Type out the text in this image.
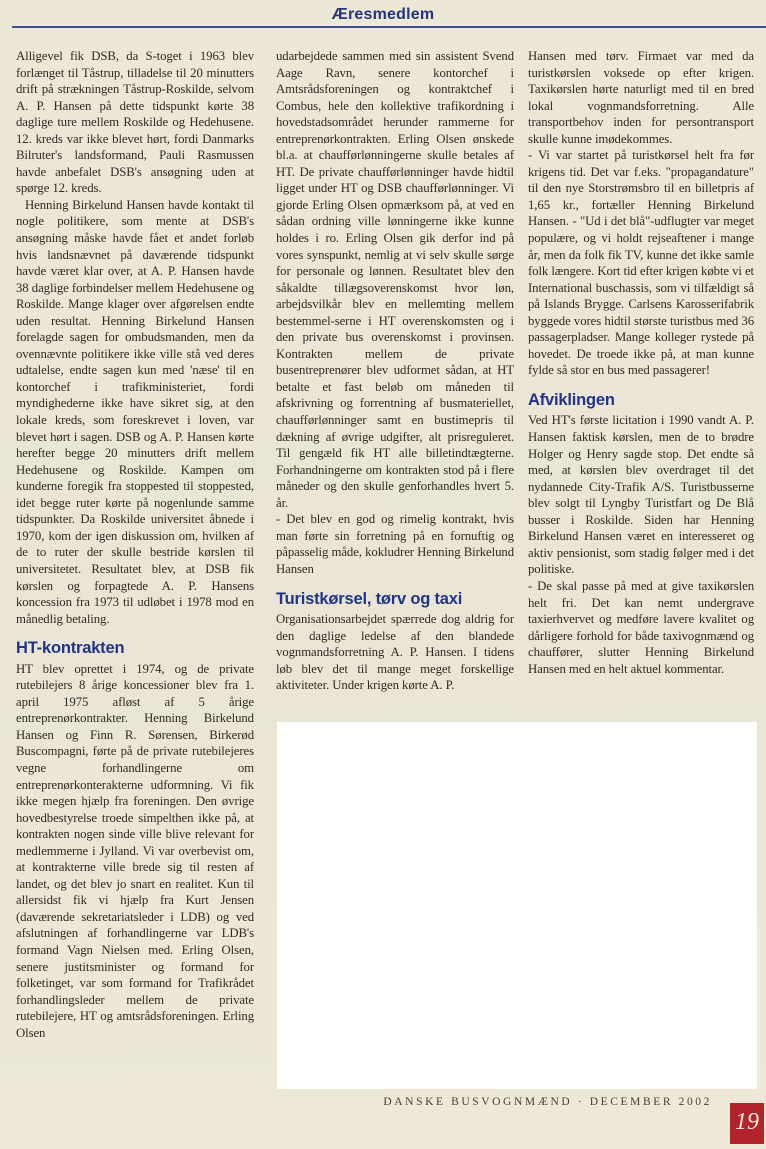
Æresmedlem

Alligevel fik DSB, da S-toget i 1963 blev forlænget til Tåstrup, tilladelse til 20 minutters drift på strækningen Tåstrup-Roskilde, selvom A. P. Hansen på dette tidspunkt kørte 38 daglige ture mellem Roskilde og Hedehusene. 12. kreds var ikke blevet hørt, fordi Danmarks Bilruter's landsformand, Pauli Rasmussen havde anbefalet DSB's ansøgning uden at spørge 12. kreds.

Henning Birkelund Hansen havde kontakt til nogle politikere, som mente at DSB's ansøgning måske havde fået et andet forløb hvis landsnævnet på daværende tidspunkt havde været klar over, at A. P. Hansen havde 38 daglige forbindelser mellem Hedehusene og Roskilde. Mange klager over afgørelsen endte uden resultat. Henning Birkelund Hansen forelagde sagen for ombudsmanden, men da ovennævnte politikere ikke ville stå ved deres udtalelse, endte sagen kun med 'næse' til en kontorchef i trafikministeriet, fordi myndighederne ikke have sikret sig, at den lokale kreds, som foreskrevet i loven, var blevet hørt i sagen. DSB og A. P. Hansen kørte herefter begge 20 minutters drift mellem Hedehusene og Roskilde. Kampen om kunderne foregik fra stoppested til stoppested, idet begge ruter kørte på nogenlunde samme tidspunkter. Da Roskilde universitet åbnede i 1970, kom der igen diskussion om, hvilken af de to ruter der skulle bestride kørslen til universitetet. Resultatet blev, at DSB fik kørslen og forpagtede A. P. Hansens koncession fra 1973 til udløbet i 1978 mod en månedlig betaling.

HT-kontrakten

HT blev oprettet i 1974, og de private rutebilejers 8 årige koncessioner blev fra 1. april 1975 afløst af 5 årige entreprenørkontrakter. Henning Birkelund Hansen og Finn R. Sørensen, Birkerød Buscompagni, førte på de private rutebilejeres vegne forhandlingerne om entreprenørkonterakterne udformning. Vi fik ikke megen hjælp fra foreningen. Den øvrige hovedbestyrelse troede simpelthen ikke på, at kontrakten nogen sinde ville blive relevant for medlemmerne i Jylland. Vi var overbevist om, at kontrakterne ville brede sig til resten af landet, og det blev jo snart en realitet. Kun til allersidst fik vi hjælp fra Kurt Jensen (daværende sekretariatsleder i LDB) og ved afslutningen af forhandlingerne var LDB's formand Vagn Nielsen med. Erling Olsen, senere justitsminister og formand for folketinget, var som formand for Trafikrådet forhandlingsleder mellem de private rutebilejere, HT og amtsrådsforeningen. Erling Olsen

udarbejdede sammen med sin assistent Svend Aage Ravn, senere kontorchef i Amtsrådsforeningen og kontraktchef i Combus, hele den kollektive trafikordning i hovedstadsområdet herunder rammerne for entreprenørkontrakten. Erling Olsen ønskede bl.a. at chaufførlønningerne skulle betales af HT. De private chaufførlønninger havde hidtil ligget under HT og DSB chaufførlønninger. Vi gjorde Erling Olsen opmærksom på, at ved en sådan ordning ville lønningerne ikke kunne holdes i ro. Erling Olsen gik derfor ind på vores synspunkt, nemlig at vi selv skulle sørge for personale og lønnen. Resultatet blev den såkaldte tillægsoverenskomst hvor løn, arbejdsvilkår blev en mellemting mellem bestemmel-serne i HT overenskomsten og i den private bus overenskomst i provinsen. Kontrakten mellem de private busentreprenører blev udformet sådan, at HT betalte et fast beløb om måneden til afskrivning og forrentning af busmateriellet, chaufførlønninger samt en bustimepris til dækning af øvrige udgifter, alt prisreguleret. Til gengæld fik HT alle billetindtægterne. Forhandningerne om kontrakten stod på i flere måneder og den skulle genforhandles hvert 5. år.

- Det blev en god og rimelig kontrakt, hvis man førte sin forretning på en fornuftig og påpasselig måde, kokludrer Henning Birkelund Hansen

Turistkørsel, tørv og taxi

Organisationsarbejdet spærrede dog aldrig for den daglige ledelse af den blandede vognmandsforretning A. P. Hansen. I tidens løb blev det til mange meget forskellige aktiviteter. Under krigen kørte A. P.

Hansen med tørv. Firmaet var med da turistkørslen voksede op efter krigen. Taxikørslen hørte naturligt med til en bred lokal vognmandsforretning. Alle transportbehov inden for persontransport skulle kunne imødekommes.

- Vi var startet på turistkørsel helt fra før krigens tid. Det var f.eks. "propagandature" til den nye Storstrømsbro til en billetpris af 1,65 kr., fortæller Henning Birkelund Hansen. - "Ud i det blå"-udflugter var meget populære, og vi holdt rejseaftener i mange år, men da folk fik TV, kunne det ikke samle folk længere. Kort tid efter krigen købte vi et International buschassis, som vi tilfældigt så på Islands Brygge. Carlsens Karosserifabrik byggede vores hidtil største turistbus med 36 passagerpladser. Mange kolleger rystede på hovedet. De troede ikke på, at man kunne fylde så stor en bus med passagerer!

Afviklingen

Ved HT's første licitation i 1990 vandt A. P. Hansen faktisk kørslen, men de to brødre Holger og Henry sagde stop. Det endte så med, at kørslen blev overdraget til det nydannede City-Trafik A/S. Turistbusserne blev solgt til Lyngby Turistfart og De Blå busser i Roskilde. Siden har Henning Birkelund Hansen været en interesseret og aktiv pensionist, som stadig følger med i det politiske.

- De skal passe på med at give taxikørslen helt fri. Det kan nemt undergrave taxierhvervet og medføre lavere kvalitet og dårligere forhold for både taxivognmænd og chauffører, slutter Henning Birkelund Hansen med en helt aktuel kommentar.

DANSKE BUSVOGNMÆND · DECEMBER 2002
19
